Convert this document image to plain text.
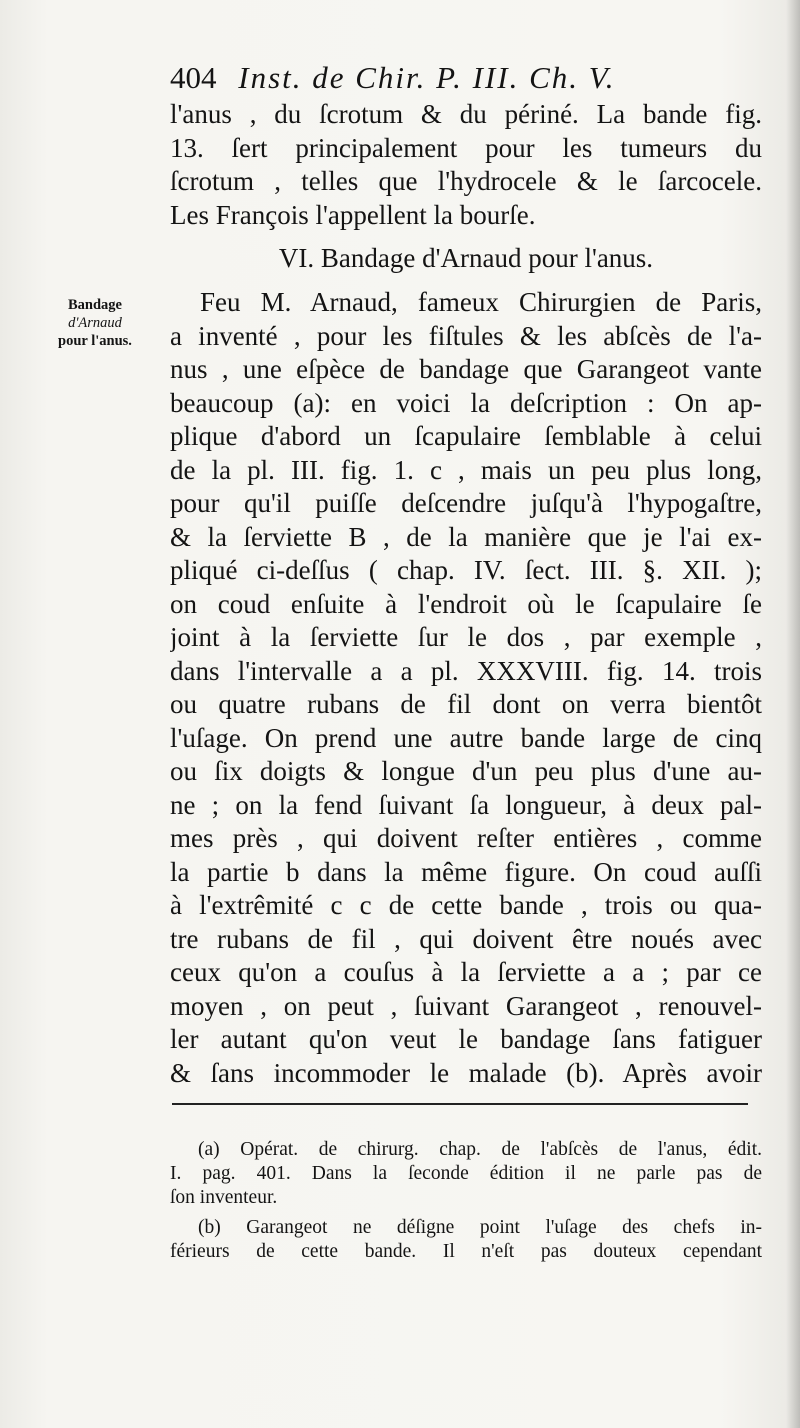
404 Inst. de Chir. P. III. Ch. V.
Bandage
d'Arnaud
pour l'anus.
l'anus , du ſcrotum & du périné. La bande fig.
13. ſert principalement pour les tumeurs du
ſcrotum , telles que l'hydrocele & le ſarcocele.
Les François l'appellent la bourſe.
VI. Bandage d'Arnaud pour l'anus.
Feu M. Arnaud, fameux Chirurgien de Paris,
a inventé , pour les fiſtules & les abſcès de l'a-
nus , une eſpèce de bandage que Garangeot vante
beaucoup (a): en voici la deſcription : On ap-
plique d'abord un ſcapulaire ſemblable à celui
de la pl. III. fig. 1. c , mais un peu plus long,
pour qu'il puiſſe deſcendre juſqu'à l'hypogaſtre,
& la ſerviette B , de la manière que je l'ai ex-
pliqué ci-deſſus ( chap. IV. ſect. III. §. XII. );
on coud enſuite à l'endroit où le ſcapulaire ſe
joint à la ſerviette ſur le dos , par exemple ,
dans l'intervalle a a pl. XXXVIII. fig. 14. trois
ou quatre rubans de fil dont on verra bientôt
l'uſage. On prend une autre bande large de cinq
ou ſix doigts & longue d'un peu plus d'une au-
ne ; on la fend ſuivant ſa longueur, à deux pal-
mes près , qui doivent reſter entières , comme
la partie b dans la même figure. On coud auſſi
à l'extrêmité c c de cette bande , trois ou qua-
tre rubans de fil , qui doivent être noués avec
ceux qu'on a couſus à la ſerviette a a ; par ce
moyen , on peut , ſuivant Garangeot , renouvel-
ler autant qu'on veut le bandage ſans fatiguer
& ſans incommoder le malade (b). Après avoir
(a) Opérat. de chirurg. chap. de l'abſcès de l'anus, édit.
I. pag. 401. Dans la ſeconde édition il ne parle pas de
ſon inventeur.
(b) Garangeot ne déſigne point l'uſage des chefs in-
férieurs de cette bande. Il n'eſt pas douteux cependant
